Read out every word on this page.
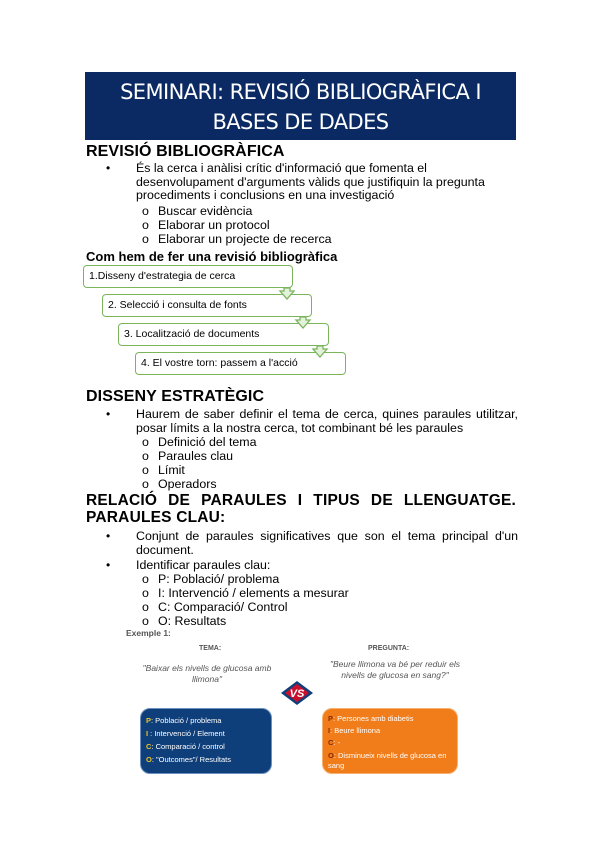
SEMINARI: REVISIÓ BIBLIOGRÀFICA I
BASES DE DADES
REVISIÓ BIBLIOGRÀFICA
• És la cerca i anàlisi crític d'informació que fomenta el desenvolupament d'arguments vàlids que justifiquin la pregunta procediments i conclusions en una investigació
o Buscar evidència
o Elaborar un protocol
o Elaborar un projecte de recerca
Com hem de fer una revisió bibliogràfica
1.Disseny d'estrategia de cerca
2. Selecció i consulta de fonts
3. Localització de documents
4. El vostre torn: passem a l'acció
DISSENY ESTRATÈGIC
• Haurem de saber definir el tema de cerca, quines paraules utilitzar, posar límits a la nostra cerca, tot combinant bé les paraules
o Definició del tema
o Paraules clau
o Límit
o Operadors
RELACIÓ DE PARAULES I TIPUS DE LLENGUATGE. PARAULES CLAU:
• Conjunt de paraules significatives que son el tema principal d'un document.
• Identificar paraules clau:
o P: Població/ problema
o I: Intervenció / elements a mesurar
o C: Comparació/ Control
o O: Resultats
Exemple 1:
TEMA:	PREGUNTA:
"Baixar els nivells de glucosa amb llimona"
"Beure llimona va bé per reduir els nivells de glucosa en sang?"
VS
P: Població / problema
I : Intervenció / Element
C: Comparació / control
O: "Outcomes"/ Resultats
P: Persones amb diabetis
I: Beure llimona
C: -
O: Disminueix nivells de glucosa en sang
